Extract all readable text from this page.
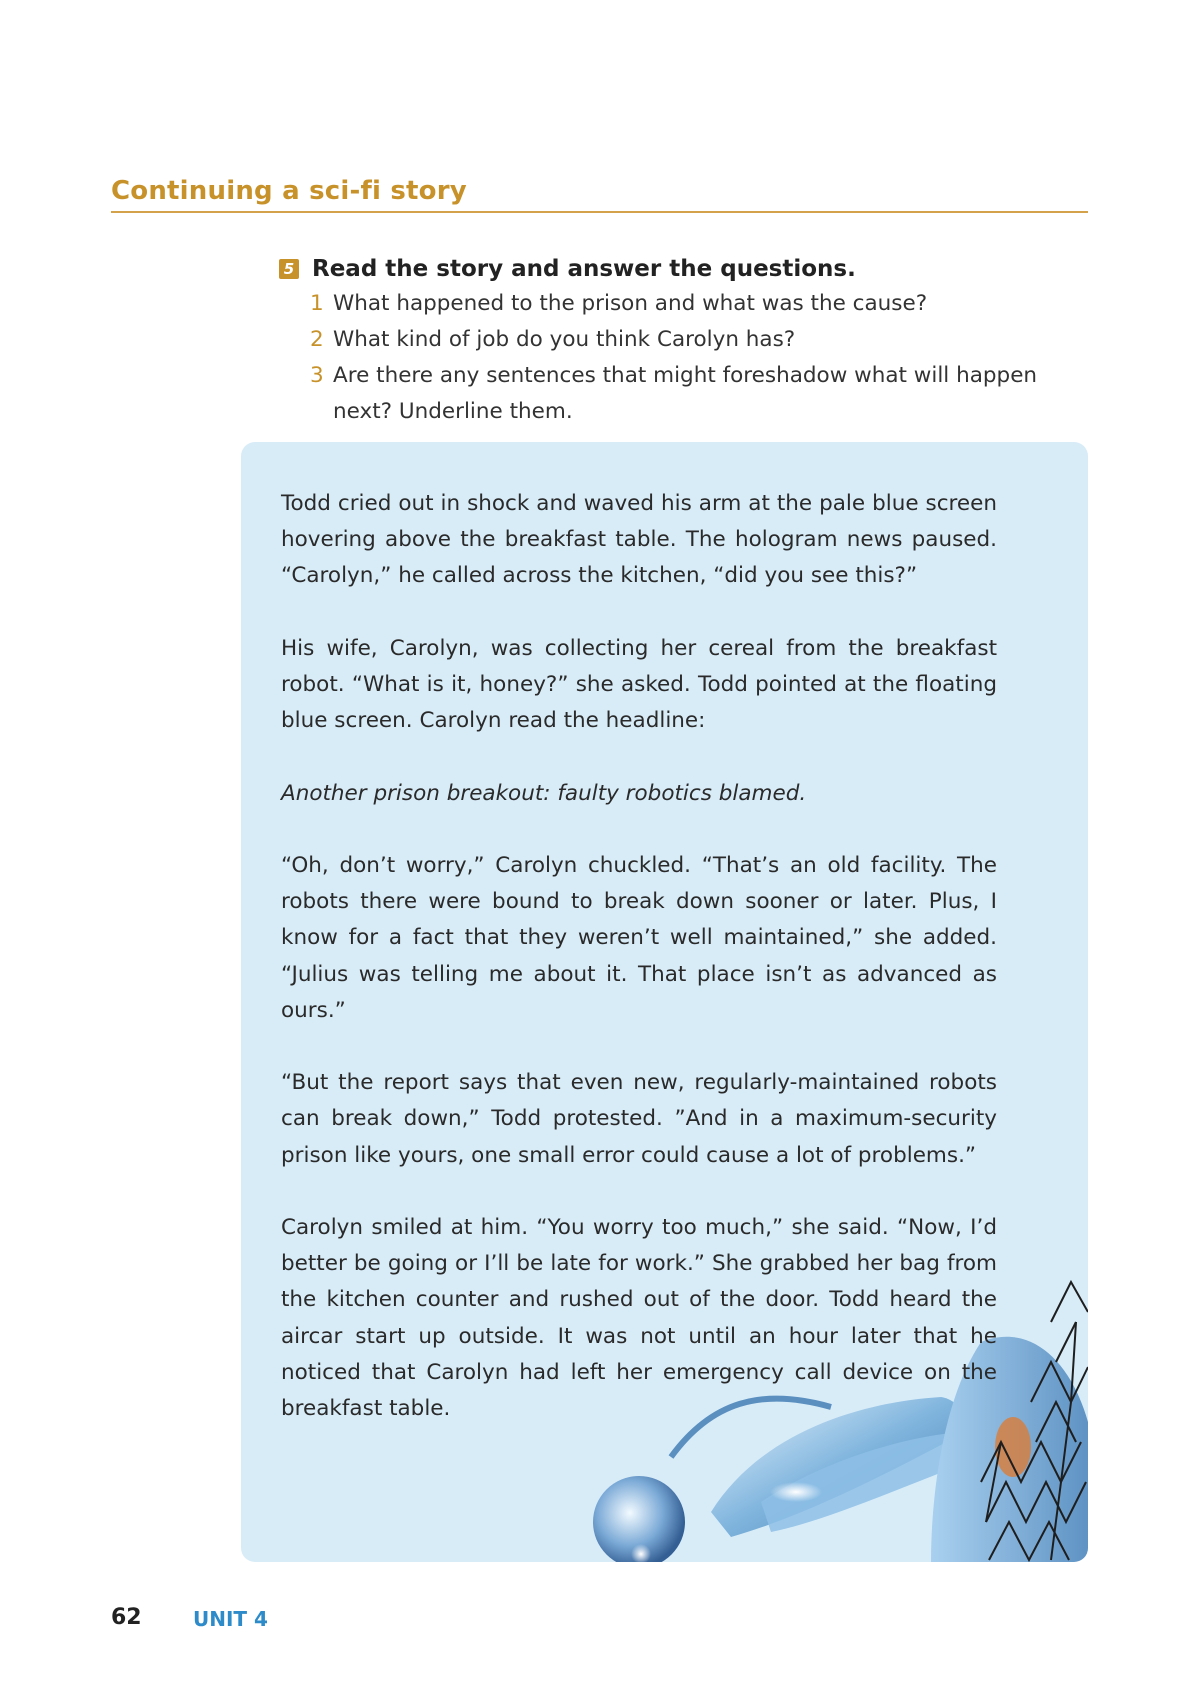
Continuing a sci-fi story
5 Read the story and answer the questions.
1 What happened to the prison and what was the cause?
2 What kind of job do you think Carolyn has?
3 Are there any sentences that might foreshadow what will happen next? Underline them.

Todd cried out in shock and waved his arm at the pale blue screen hovering above the breakfast table. The hologram news paused. “Carolyn,” he called across the kitchen, “did you see this?”

His wife, Carolyn, was collecting her cereal from the breakfast robot. “What is it, honey?” she asked. Todd pointed at the floating blue screen. Carolyn read the headline:

Another prison breakout: faulty robotics blamed.

“Oh, don’t worry,” Carolyn chuckled. “That’s an old facility. The robots there were bound to break down sooner or later. Plus, I know for a fact that they weren’t well maintained,” she added. “Julius was telling me about it. That place isn’t as advanced as ours.”

“But the report says that even new, regularly-maintained robots can break down,” Todd protested. ”And in a maximum-security prison like yours, one small error could cause a lot of problems.”

Carolyn smiled at him. “You worry too much,” she said. “Now, I’d better be going or I’ll be late for work.” She grabbed her bag from the kitchen counter and rushed out of the door. Todd heard the aircar start up outside. It was not until an hour later that he noticed that Carolyn had left her emergency call device on the breakfast table.

62	UNIT 4
